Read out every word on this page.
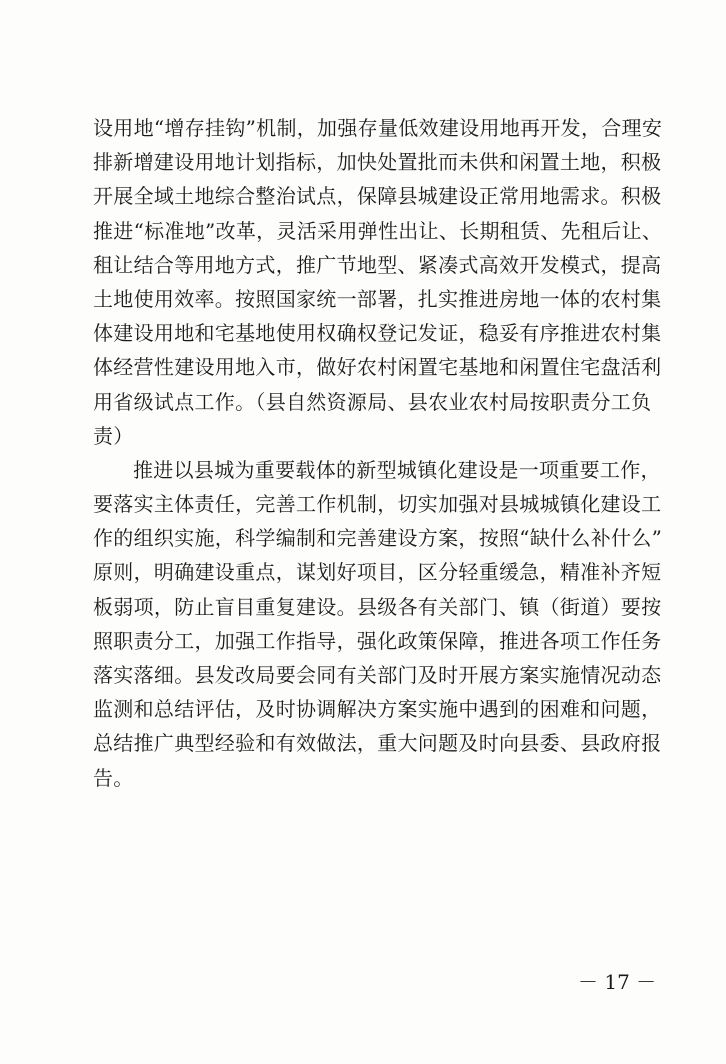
设用地“增存挂钩”机制，加强存量低效建设用地再开发，合理安
排新增建设用地计划指标，加快处置批而未供和闲置土地，积极
开展全域土地综合整治试点，保障县城建设正常用地需求。积极
推进“标准地”改革，灵活采用弹性出让、长期租赁、先租后让、
租让结合等用地方式，推广节地型、紧凑式高效开发模式，提高
土地使用效率。按照国家统一部署，扎实推进房地一体的农村集
体建设用地和宅基地使用权确权登记发证，稳妥有序推进农村集
体经营性建设用地入市，做好农村闲置宅基地和闲置住宅盘活利
用省级试点工作。（县自然资源局、县农业农村局按职责分工负
责）
推进以县城为重要载体的新型城镇化建设是一项重要工作，
要落实主体责任，完善工作机制，切实加强对县城城镇化建设工
作的组织实施，科学编制和完善建设方案，按照“缺什么补什么”
原则，明确建设重点，谋划好项目，区分轻重缓急，精准补齐短
板弱项，防止盲目重复建设。县级各有关部门、镇（街道）要按
照职责分工，加强工作指导，强化政策保障，推进各项工作任务
落实落细。县发改局要会同有关部门及时开展方案实施情况动态
监测和总结评估，及时协调解决方案实施中遇到的困难和问题，
总结推广典型经验和有效做法，重大问题及时向县委、县政府报
告。
－ 17 －
